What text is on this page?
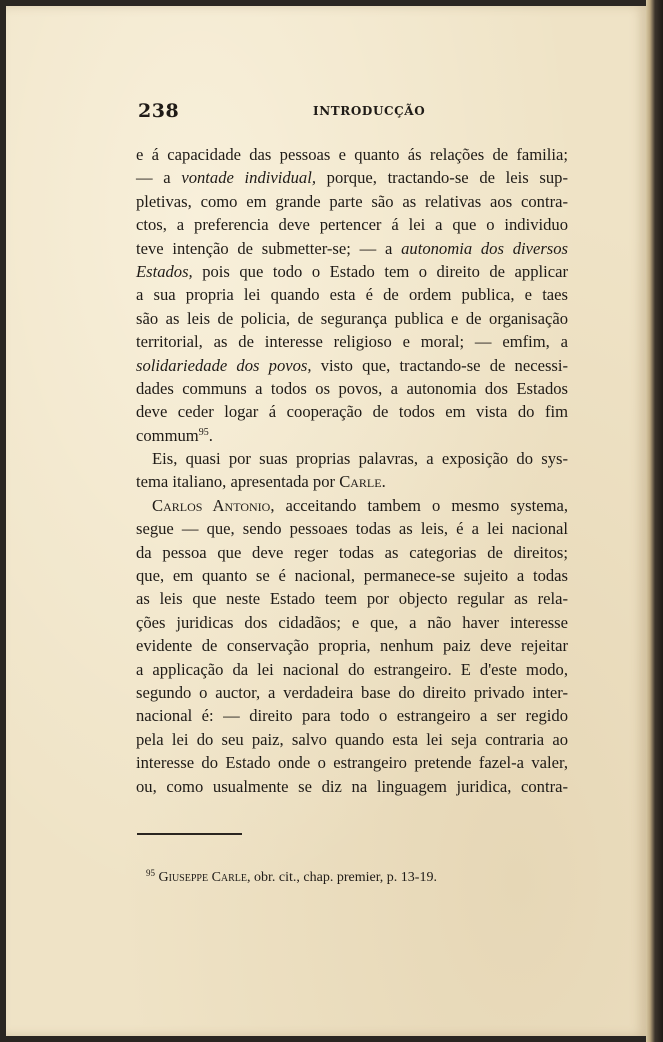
238	INTRODUCÇÃO
e á capacidade das pessoas e quanto ás relações de familia;
— a vontade individual, porque, tractando-se de leis sup-
pletivas, como em grande parte são as relativas aos contra-
ctos, a preferencia deve pertencer á lei a que o individuo
teve intenção de submetter-se; — a autonomia dos diversos
Estados, pois que todo o Estado tem o direito de applicar
a sua propria lei quando esta é de ordem publica, e taes
são as leis de policia, de segurança publica e de organisação
territorial, as de interesse religioso e moral; — emfim, a
solidariedade dos povos, visto que, tractando-se de necessi-
dades communs a todos os povos, a autonomia dos Estados
deve ceder logar á cooperação de todos em vista do fim
commum$^{95}$.
Eis, quasi por suas proprias palavras, a exposição do sys-
tema italiano, apresentada por Carle.
Carlos Antonio, acceitando tambem o mesmo systema,
segue — que, sendo pessoaes todas as leis, é a lei nacional
da pessoa que deve reger todas as categorias de direitos;
que, em quanto se é nacional, permanece-se sujeito a todas
as leis que neste Estado teem por objecto regular as rela-
ções juridicas dos cidadãos; e que, a não haver interesse
evidente de conservação propria, nenhum paiz deve rejeitar
a applicação da lei nacional do estrangeiro. E d'este modo,
segundo o auctor, a verdadeira base do direito privado inter-
nacional é: — direito para todo o estrangeiro a ser regido
pela lei do seu paiz, salvo quando esta lei seja contraria ao
interesse do Estado onde o estrangeiro pretende fazel-a valer,
ou, como usualmente se diz na linguagem juridica, contra-
$^{95}$ Giuseppe Carle, obr. cit., chap. premier, p. 13-19.
